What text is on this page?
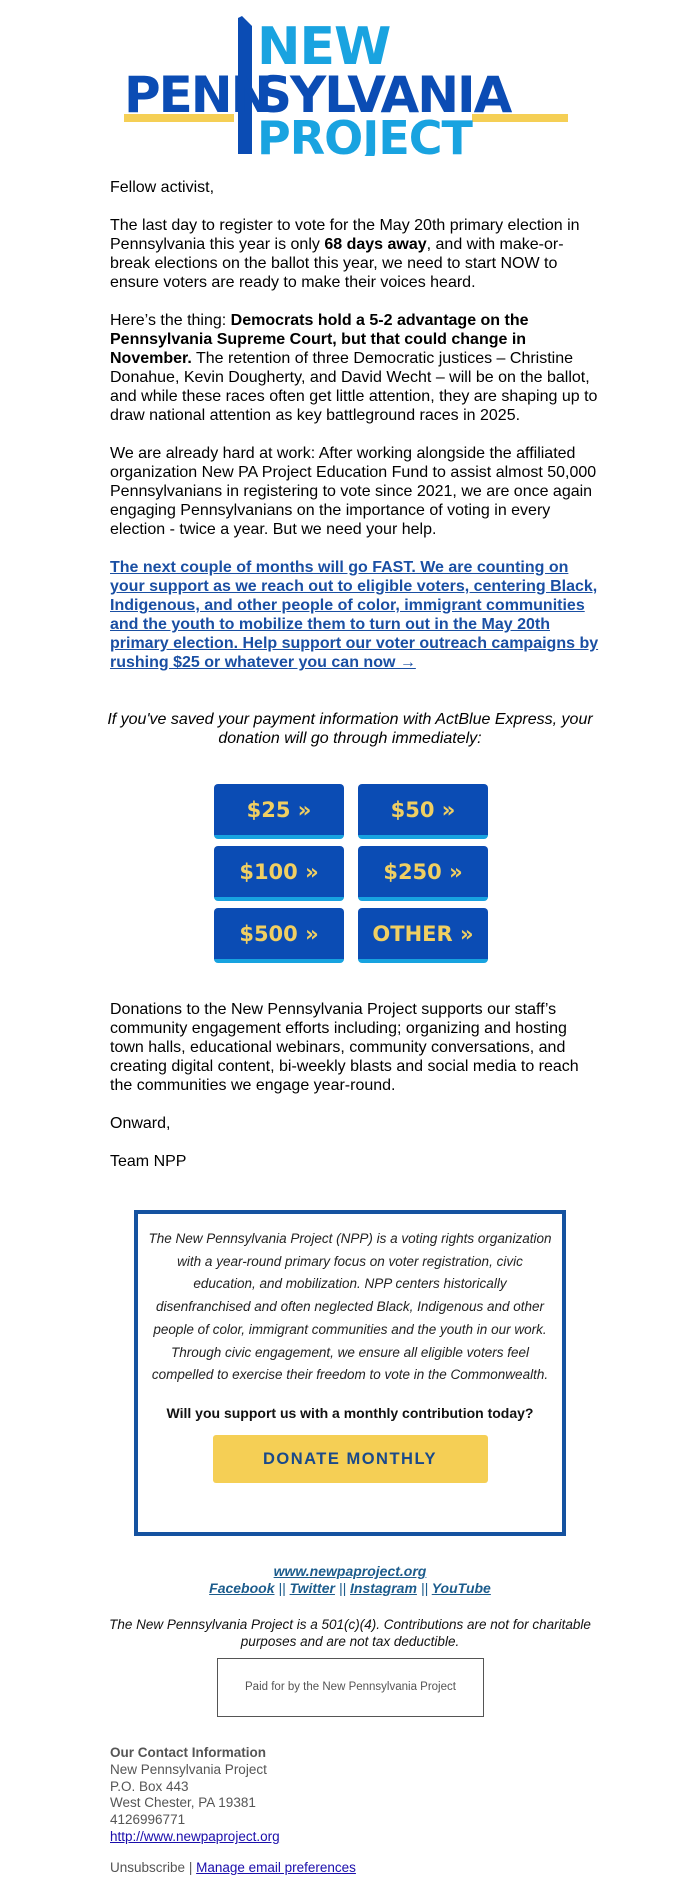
NEW
PENN
SYLVANIA
PROJECT

Fellow activist,

The last day to register to vote for the May 20th primary election in Pennsylvania this year is only 68 days away, and with make-or-break elections on the ballot this year, we need to start NOW to ensure voters are ready to make their voices heard.

Here’s the thing: Democrats hold a 5-2 advantage on the Pennsylvania Supreme Court, but that could change in November. The retention of three Democratic justices – Christine Donahue, Kevin Dougherty, and David Wecht – will be on the ballot, and while these races often get little attention, they are shaping up to draw national attention as key battleground races in 2025.

We are already hard at work: After working alongside the affiliated organization New PA Project Education Fund to assist almost 50,000 Pennsylvanians in registering to vote since 2021, we are once again engaging Pennsylvanians on the importance of voting in every election - twice a year. But we need your help.

The next couple of months will go FAST. We are counting on your support as we reach out to eligible voters, centering Black, Indigenous, and other people of color, immigrant communities and the youth to mobilize them to turn out in the May 20th primary election. Help support our voter outreach campaigns by rushing $25 or whatever you can now →

If you've saved your payment information with ActBlue Express, your donation will go through immediately:
$25 »	$50 »
$100 »	$250 »
$500 »	OTHER »

Donations to the New Pennsylvania Project supports our staff’s community engagement efforts including; organizing and hosting town halls, educational webinars, community conversations, and creating digital content, bi-weekly blasts and social media to reach the communities we engage year-round.

Onward,

Team NPP

The New Pennsylvania Project (NPP) is a voting rights organization with a year-round primary focus on voter registration, civic education, and mobilization. NPP centers historically disenfranchised and often neglected Black, Indigenous and other people of color, immigrant communities and the youth in our work. Through civic engagement, we ensure all eligible voters feel compelled to exercise their freedom to vote in the Commonwealth.

Will you support us with a monthly contribution today?
DONATE MONTHLY
www.newpaproject.org
Facebook || Twitter || Instagram || YouTube
The New Pennsylvania Project is a 501(c)(4). Contributions are not for charitable purposes and are not tax deductible.
Paid for by the New Pennsylvania Project
Our Contact Information
New Pennsylvania Project
P.O. Box 443
West Chester, PA 19381
4126996771
http://www.newpaproject.org
Unsubscribe | Manage email preferences
